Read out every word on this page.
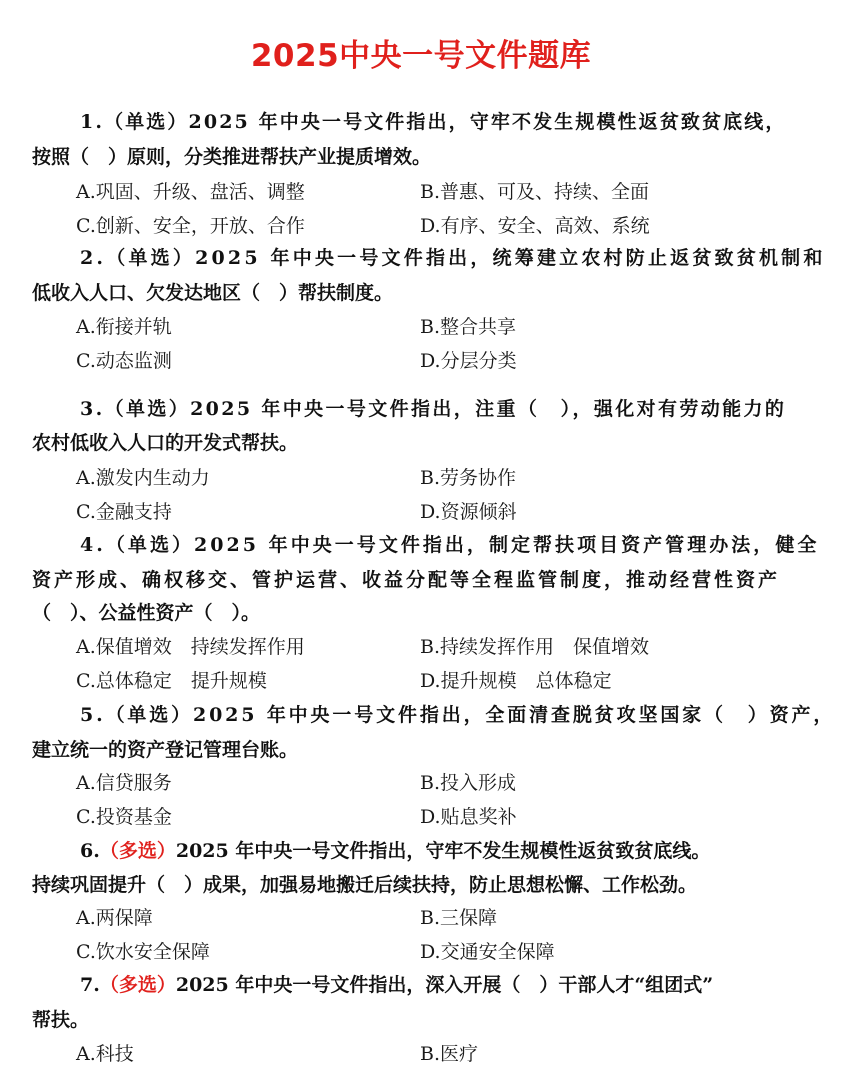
2025中央一号文件题库
1.（单选）2025 年中央一号文件指出，守牢不发生规模性返贫致贫底线，
按照（　）原则，分类推进帮扶产业提质增效。
A.巩固、升级、盘活、调整	B.普惠、可及、持续、全面
C.创新、安全，开放、合作	D.有序、安全、高效、系统
2.（单选）2025 年中央一号文件指出，统筹建立农村防止返贫致贫机制和
低收入人口、欠发达地区（　）帮扶制度。
A.衔接并轨	B.整合共享
C.动态监测	D.分层分类
3.（单选）2025 年中央一号文件指出，注重（　），强化对有劳动能力的
农村低收入人口的开发式帮扶。
A.激发内生动力	B.劳务协作
C.金融支持	D.资源倾斜
4.（单选）2025 年中央一号文件指出，制定帮扶项目资产管理办法，健全
资产形成、确权移交、管护运营、收益分配等全程监管制度，推动经营性资产
（　）、公益性资产（　）。
A.保值增效　持续发挥作用	B.持续发挥作用　保值增效
C.总体稳定　提升规模	D.提升规模　总体稳定
5.（单选）2025 年中央一号文件指出，全面清查脱贫攻坚国家（　）资产，
建立统一的资产登记管理台账。
A.信贷服务	B.投入形成
C.投资基金	D.贴息奖补
6.（多选）2025 年中央一号文件指出，守牢不发生规模性返贫致贫底线。
持续巩固提升（　）成果，加强易地搬迁后续扶持，防止思想松懈、工作松劲。
A.两保障	B.三保障
C.饮水安全保障	D.交通安全保障
7.（多选）2025 年中央一号文件指出，深入开展（　）干部人才“组团式”
帮扶。
A.科技	B.医疗
